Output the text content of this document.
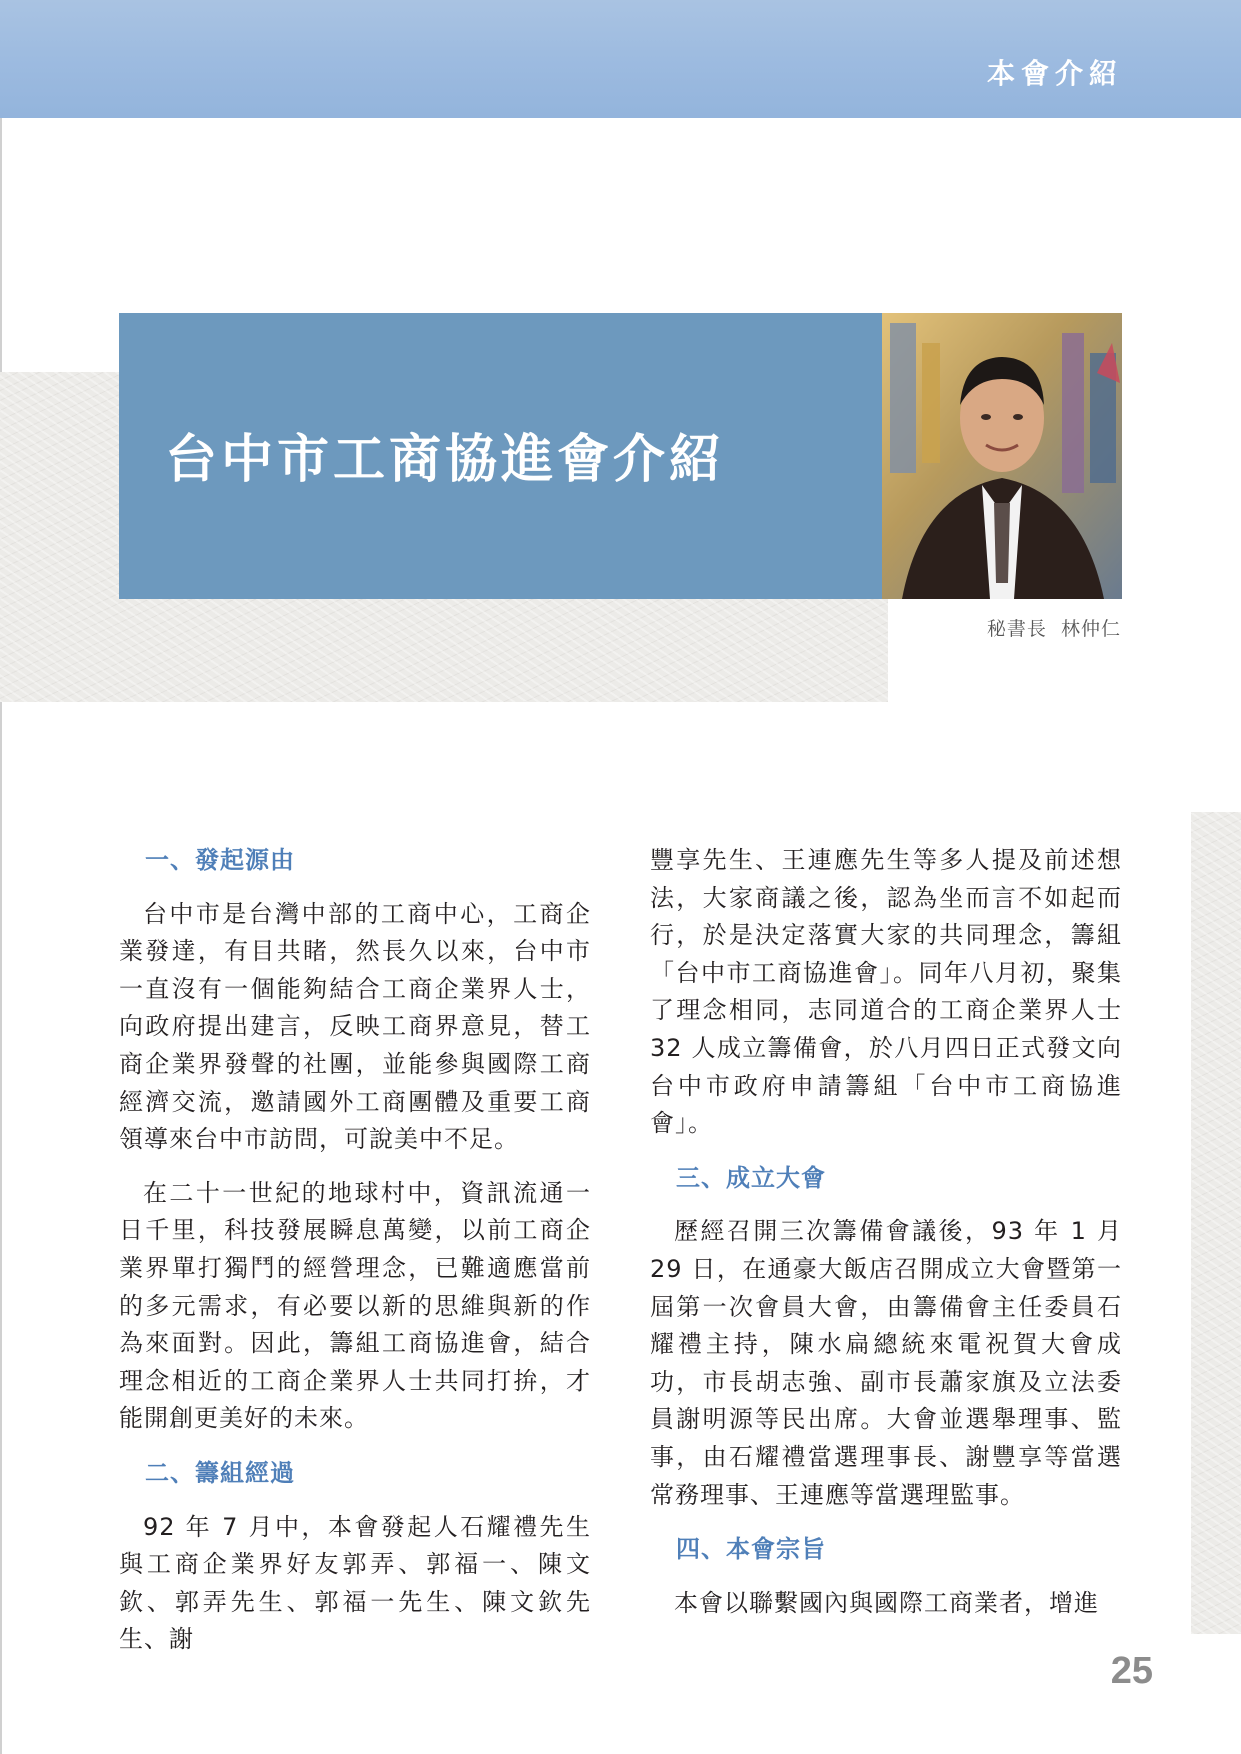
本會介紹
台中市工商協進會介紹
秘書長  林仲仁
一、發起源由

台中市是台灣中部的工商中心，工商企業發達，有目共睹，然長久以來，台中市一直沒有一個能夠結合工商企業界人士，向政府提出建言，反映工商界意見，替工商企業界發聲的社團，並能參與國際工商經濟交流，邀請國外工商團體及重要工商領導來台中市訪問，可說美中不足。

在二十一世紀的地球村中，資訊流通一日千里，科技發展瞬息萬變，以前工商企業界單打獨鬥的經營理念，已難適應當前的多元需求，有必要以新的思維與新的作為來面對。因此，籌組工商協進會，結合理念相近的工商企業界人士共同打拚，才能開創更美好的未來。

二、籌組經過

92 年 7 月中，本會發起人石耀禮先生與工商企業界好友郭弄、郭福一、陳文欽、郭弄先生、郭福一先生、陳文欽先生、謝

豐享先生、王連應先生等多人提及前述想法，大家商議之後，認為坐而言不如起而行，於是決定落實大家的共同理念，籌組「台中市工商協進會」。同年八月初，聚集了理念相同，志同道合的工商企業界人士 32 人成立籌備會，於八月四日正式發文向台中市政府申請籌組「台中市工商協進會」。

三、成立大會

歷經召開三次籌備會議後，93 年 1 月 29 日，在通豪大飯店召開成立大會暨第一屆第一次會員大會，由籌備會主任委員石耀禮主持，陳水扁總統來電祝賀大會成功，市長胡志強、副市長蕭家旗及立法委員謝明源等民出席。大會並選舉理事、監事，由石耀禮當選理事長、謝豐享等當選常務理事、王連應等當選理監事。

四、本會宗旨

本會以聯繫國內與國際工商業者，增進

25
